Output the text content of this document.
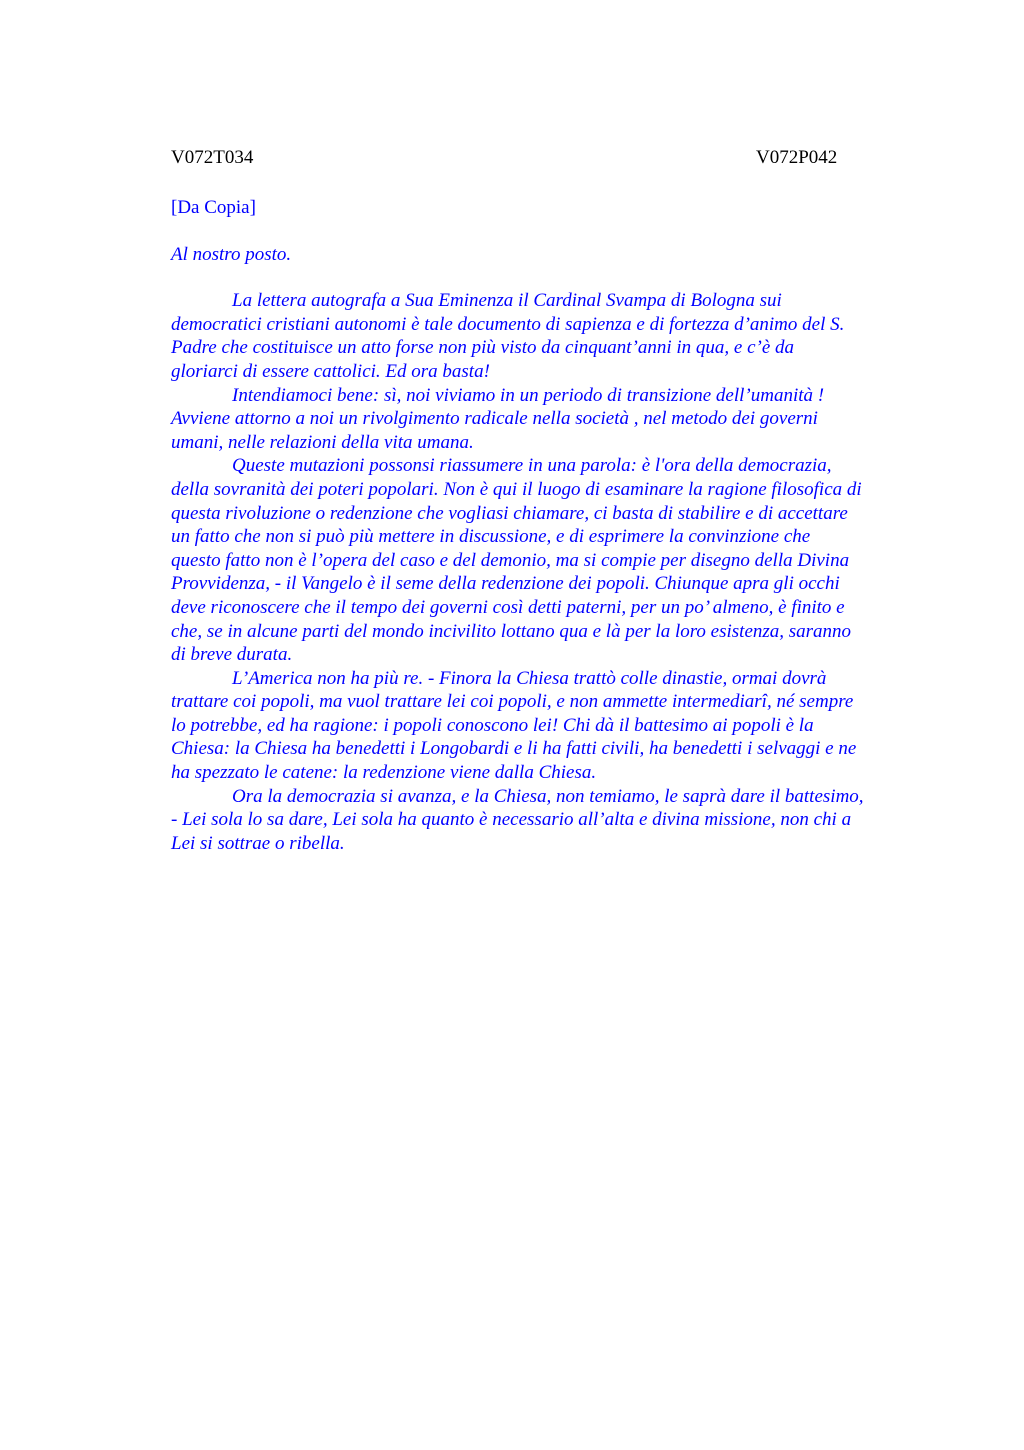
V072T034	V072P042
[Da Copia]
Al nostro posto.

La lettera autografa a Sua Eminenza il Cardinal Svampa di Bologna sui
democratici cristiani autonomi è tale documento di sapienza e di fortezza d’animo del S.
Padre che costituisce un atto forse non più visto da cinquant’anni in qua, e c’è da
gloriarci di essere cattolici. Ed ora basta!

Intendiamoci bene: sì, noi viviamo in un periodo di transizione dell’umanità !
Avviene attorno a noi un rivolgimento radicale nella società , nel metodo dei governi
umani, nelle relazioni della vita umana.

Queste mutazioni possonsi riassumere in una parola: è l'ora della democrazia,
della sovranità dei poteri popolari. Non è qui il luogo di esaminare la ragione filosofica di
questa rivoluzione o redenzione che vogliasi chiamare, ci basta di stabilire e di accettare
un fatto che non si può più mettere in discussione, e di esprimere la convinzione che
questo fatto non è l’opera del caso e del demonio, ma si compie per disegno della Divina
Provvidenza, - il Vangelo è il seme della redenzione dei popoli. Chiunque apra gli occhi
deve riconoscere che il tempo dei governi così detti paterni, per un po’ almeno, è finito e
che, se in alcune parti del mondo incivilito lottano qua e là per la loro esistenza, saranno
di breve durata.

L’America non ha più re. - Finora la Chiesa trattò colle dinastie, ormai dovrà
trattare coi popoli, ma vuol trattare lei coi popoli, e non ammette intermediarî, né sempre
lo potrebbe, ed ha ragione: i popoli conoscono lei! Chi dà il battesimo ai popoli è la
Chiesa: la Chiesa ha benedetti i Longobardi e li ha fatti civili, ha benedetti i selvaggi e ne
ha spezzato le catene: la redenzione viene dalla Chiesa.

Ora la democrazia si avanza, e la Chiesa, non temiamo, le saprà dare il battesimo,
- Lei sola lo sa dare, Lei sola ha quanto è necessario all’alta e divina missione, non chi a
Lei si sottrae o ribella.
